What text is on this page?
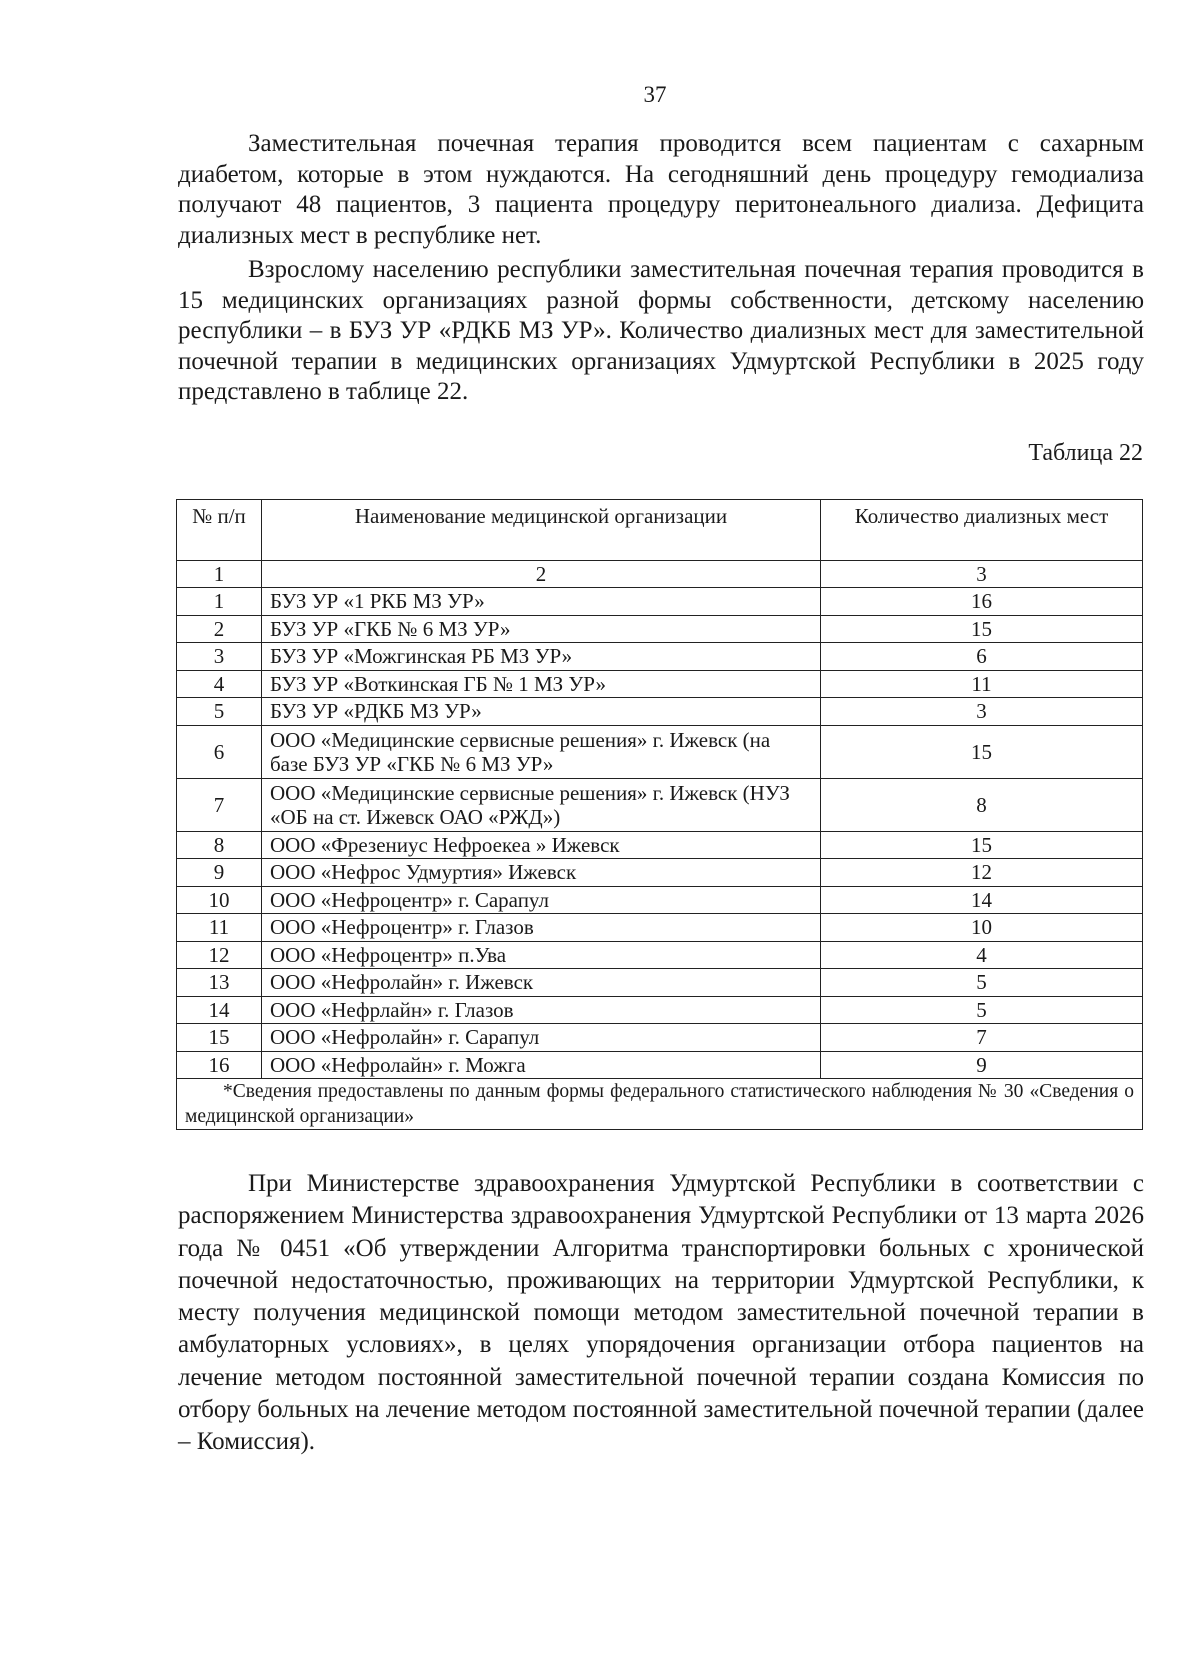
37

Заместительная почечная терапия проводится всем пациентам с сахарным диабетом, которые в этом нуждаются. На сегодняшний день процедуру гемодиализа получают 48 пациентов, 3 пациента процедуру перитонеального диализа. Дефицита диализных мест в республике нет.

Взрослому населению республики заместительная почечная терапия проводится в 15 медицинских организациях разной формы собственности, детскому населению республики – в БУЗ УР «РДКБ МЗ УР». Количество диализных мест для заместительной почечной терапии в медицинских организациях Удмуртской Республики в 2025 году представлено в таблице 22.

Таблица 22
№ п/п	Наименование медицинской организации	Количество диализных мест
1	2	3
1	БУЗ УР «1 РКБ МЗ УР»	16
2	БУЗ УР «ГКБ № 6 МЗ УР»	15
3	БУЗ УР «Можгинская РБ МЗ УР»	6
4	БУЗ УР «Воткинская ГБ № 1 МЗ УР»	11
5	БУЗ УР «РДКБ МЗ УР»	3
6	ООО «Медицинские сервисные решения» г. Ижевск (на базе БУЗ УР «ГКБ № 6 МЗ УР»	15
7	ООО «Медицинские сервисные решения» г. Ижевск (НУЗ «ОБ на ст. Ижевск ОАО «РЖД»)	8
8	ООО «Фрезениус Нефроекеа » Ижевск	15
9	ООО «Нефрос Удмуртия» Ижевск	12
10	ООО «Нефроцентр» г. Сарапул	14
11	ООО «Нефроцентр» г. Глазов	10
12	ООО «Нефроцентр» п.Ува	4
13	ООО «Нефролайн» г. Ижевск	5
14	ООО «Нефрлайн» г. Глазов	5
15	ООО «Нефролайн» г. Сарапул	7
16	ООО «Нефролайн» г. Можга	9
*Сведения предоставлены по данным формы федерального статистического наблюдения № 30 «Сведения о медицинской организации»		

При Министерстве здравоохранения Удмуртской Республики в соответствии с распоряжением Министерства здравоохранения Удмуртской Республики от 13 марта 2026 года № 0451 «Об утверждении Алгоритма транспортировки больных с хронической почечной недостаточностью, проживающих на территории Удмуртской Республики, к месту получения медицинской помощи методом заместительной почечной терапии в амбулаторных условиях», в целях упорядочения организации отбора пациентов на лечение методом постоянной заместительной почечной терапии создана Комиссия по отбору больных на лечение методом постоянной заместительной почечной терапии (далее – Комиссия).
